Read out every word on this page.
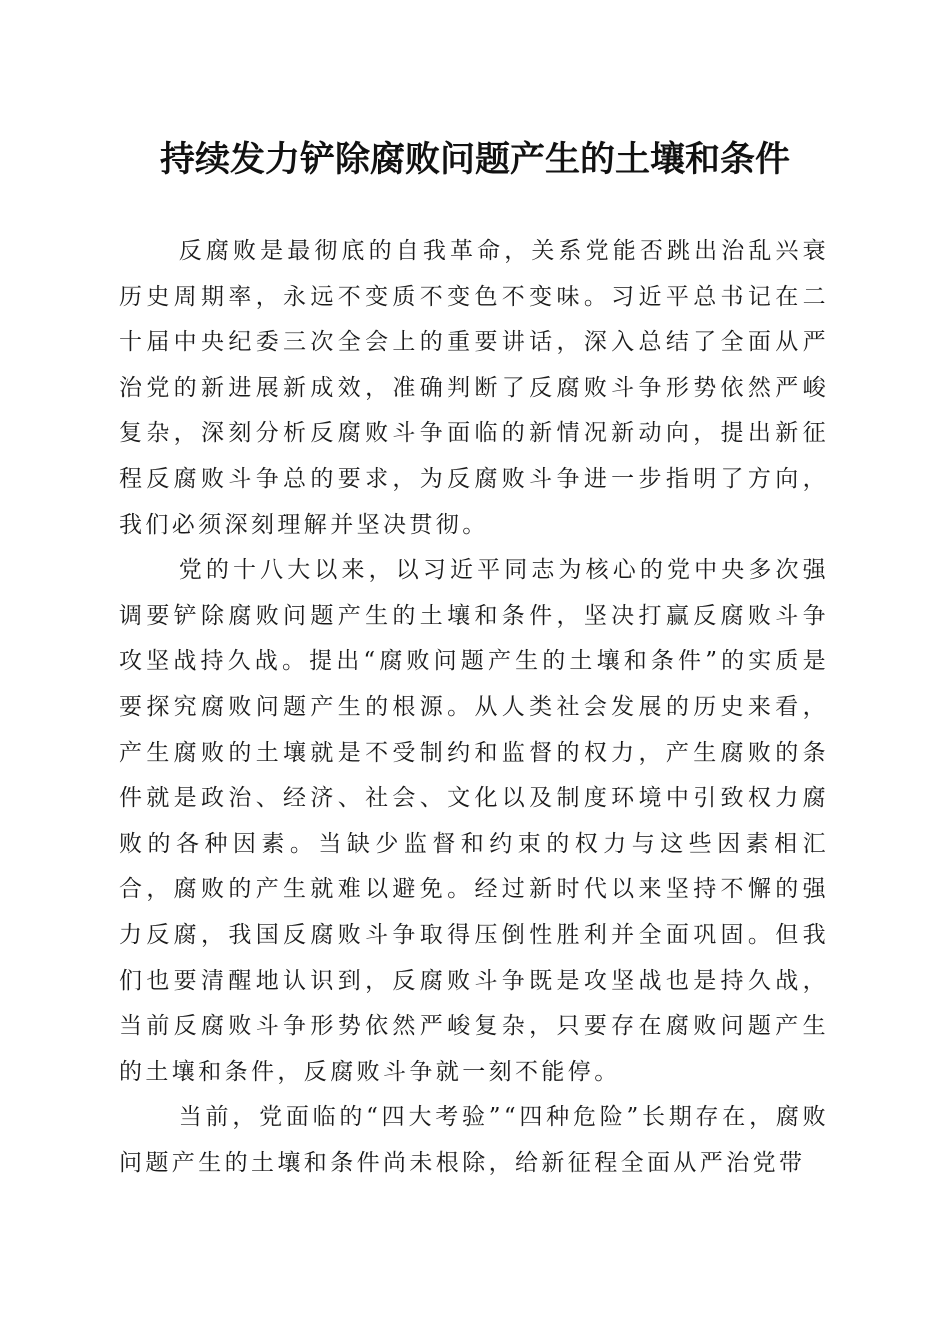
持续发力铲除腐败问题产生的土壤和条件

反腐败是最彻底的自我革命，关系党能否跳出治乱兴衰历史周期率，永远不变质不变色不变味。习近平总书记在二十届中央纪委三次全会上的重要讲话，深入总结了全面从严治党的新进展新成效，准确判断了反腐败斗争形势依然严峻复杂，深刻分析反腐败斗争面临的新情况新动向，提出新征程反腐败斗争总的要求，为反腐败斗争进一步指明了方向，我们必须深刻理解并坚决贯彻。

党的十八大以来，以习近平同志为核心的党中央多次强调要铲除腐败问题产生的土壤和条件，坚决打赢反腐败斗争攻坚战持久战。提出“腐败问题产生的土壤和条件”的实质是要探究腐败问题产生的根源。从人类社会发展的历史来看，产生腐败的土壤就是不受制约和监督的权力，产生腐败的条件就是政治、经济、社会、文化以及制度环境中引致权力腐败的各种因素。当缺少监督和约束的权力与这些因素相汇合，腐败的产生就难以避免。经过新时代以来坚持不懈的强力反腐，我国反腐败斗争取得压倒性胜利并全面巩固。但我们也要清醒地认识到，反腐败斗争既是攻坚战也是持久战，当前反腐败斗争形势依然严峻复杂，只要存在腐败问题产生的土壤和条件，反腐败斗争就一刻不能停。

当前，党面临的“四大考验”“四种危险”长期存在，腐败问题产生的土壤和条件尚未根除，给新征程全面从严治党带
